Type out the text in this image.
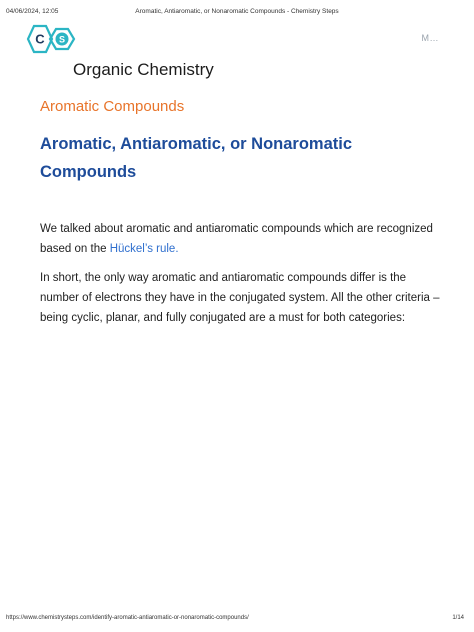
04/06/2024, 12:05	Aromatic, Antiaromatic, or Nonaromatic Compounds - Chemistry Steps
C S	M…
Organic Chemistry
Aromatic Compounds
Aromatic, Antiaromatic, or Nonaromatic Compounds

We talked about aromatic and antiaromatic compounds which are recognized based on the Hückel’s rule.

In short, the only way aromatic and antiaromatic compounds differ is the number of electrons they have in the conjugated system. All the other criteria – being cyclic, planar, and fully conjugated are a must for both categories:

https://www.chemistrysteps.com/identify-aromatic-antiaromatic-or-nonaromatic-compounds/	1/14
